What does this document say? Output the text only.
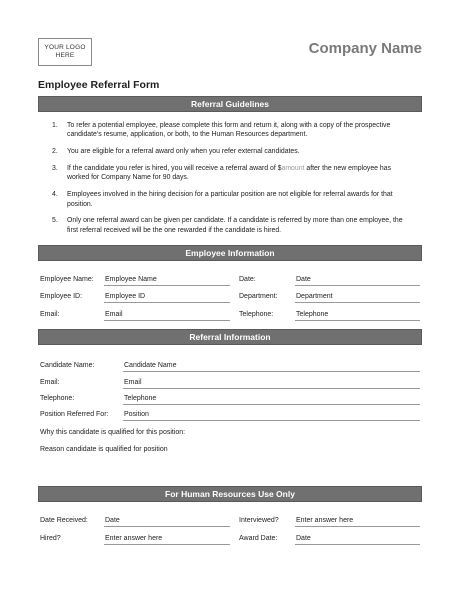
YOUR LOGO HERE	Company Name
Employee Referral Form
Referral Guidelines
1.	To refer a potential employee, please complete this form and return it, along with a copy of the prospective candidate's resume, application, or both, to the Human Resources department.
2.	You are eligible for a referral award only when you refer external candidates.
3.	If the candidate you refer is hired, you will receive a referral award of $amount after the new employee has worked for Company Name for 90 days.
4.	Employees involved in the hiring decision for a particular position are not eligible for referral awards for that position.
5.	Only one referral award can be given per candidate. If a candidate is referred by more than one employee, the first referral received will be the one rewarded if the candidate is hired.
Employee Information
Employee Name: Employee Name	Date:	Date
Employee ID:	Employee ID	Department:	Department
Email:	Email	Telephone:	Telephone
Referral Information
Candidate Name:	Candidate Name
Email:	Email
Telephone:	Telephone
Position Referred For: Position
Why this candidate is qualified for this position:
Reason candidate is qualified for position
For Human Resources Use Only
Date Received: Date	Interviewed? Enter answer here
Hired?	Enter answer here	Award Date:	Date
